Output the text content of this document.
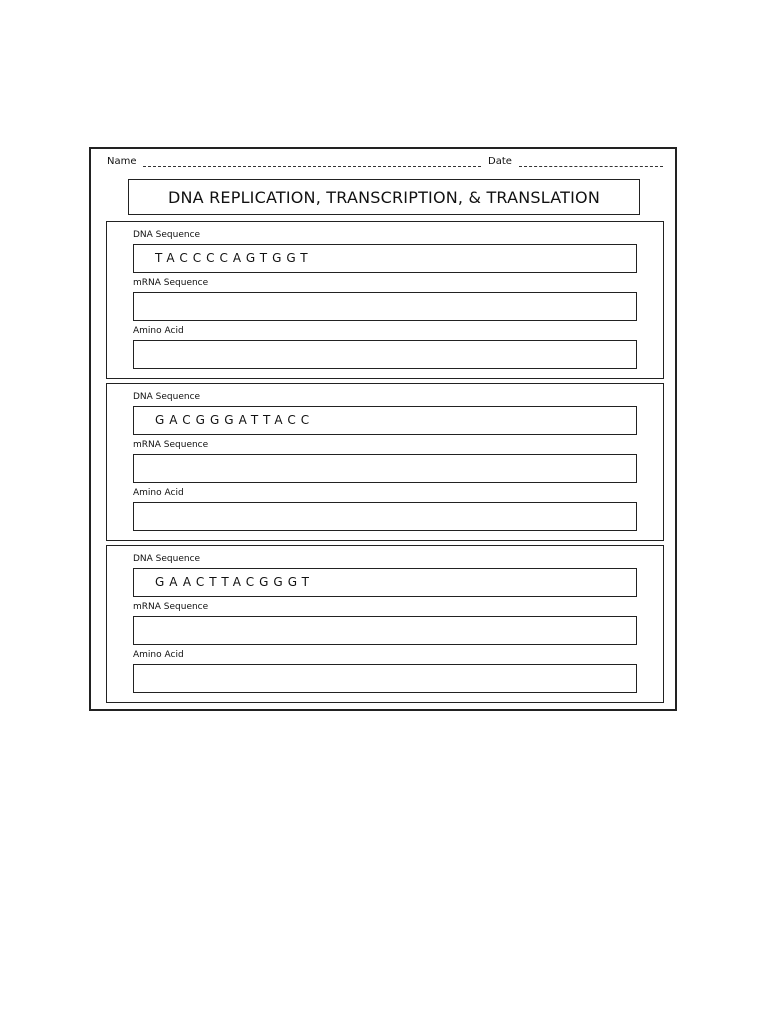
Name	Date
DNA REPLICATION, TRANSCRIPTION, & TRANSLATION
DNA Sequence
TACCCCAGTGGT
mRNA Sequence
Amino Acid
DNA Sequence
GACGGGATTACC
mRNA Sequence
Amino Acid
DNA Sequence
GAACTTACGGGT
mRNA Sequence
Amino Acid
